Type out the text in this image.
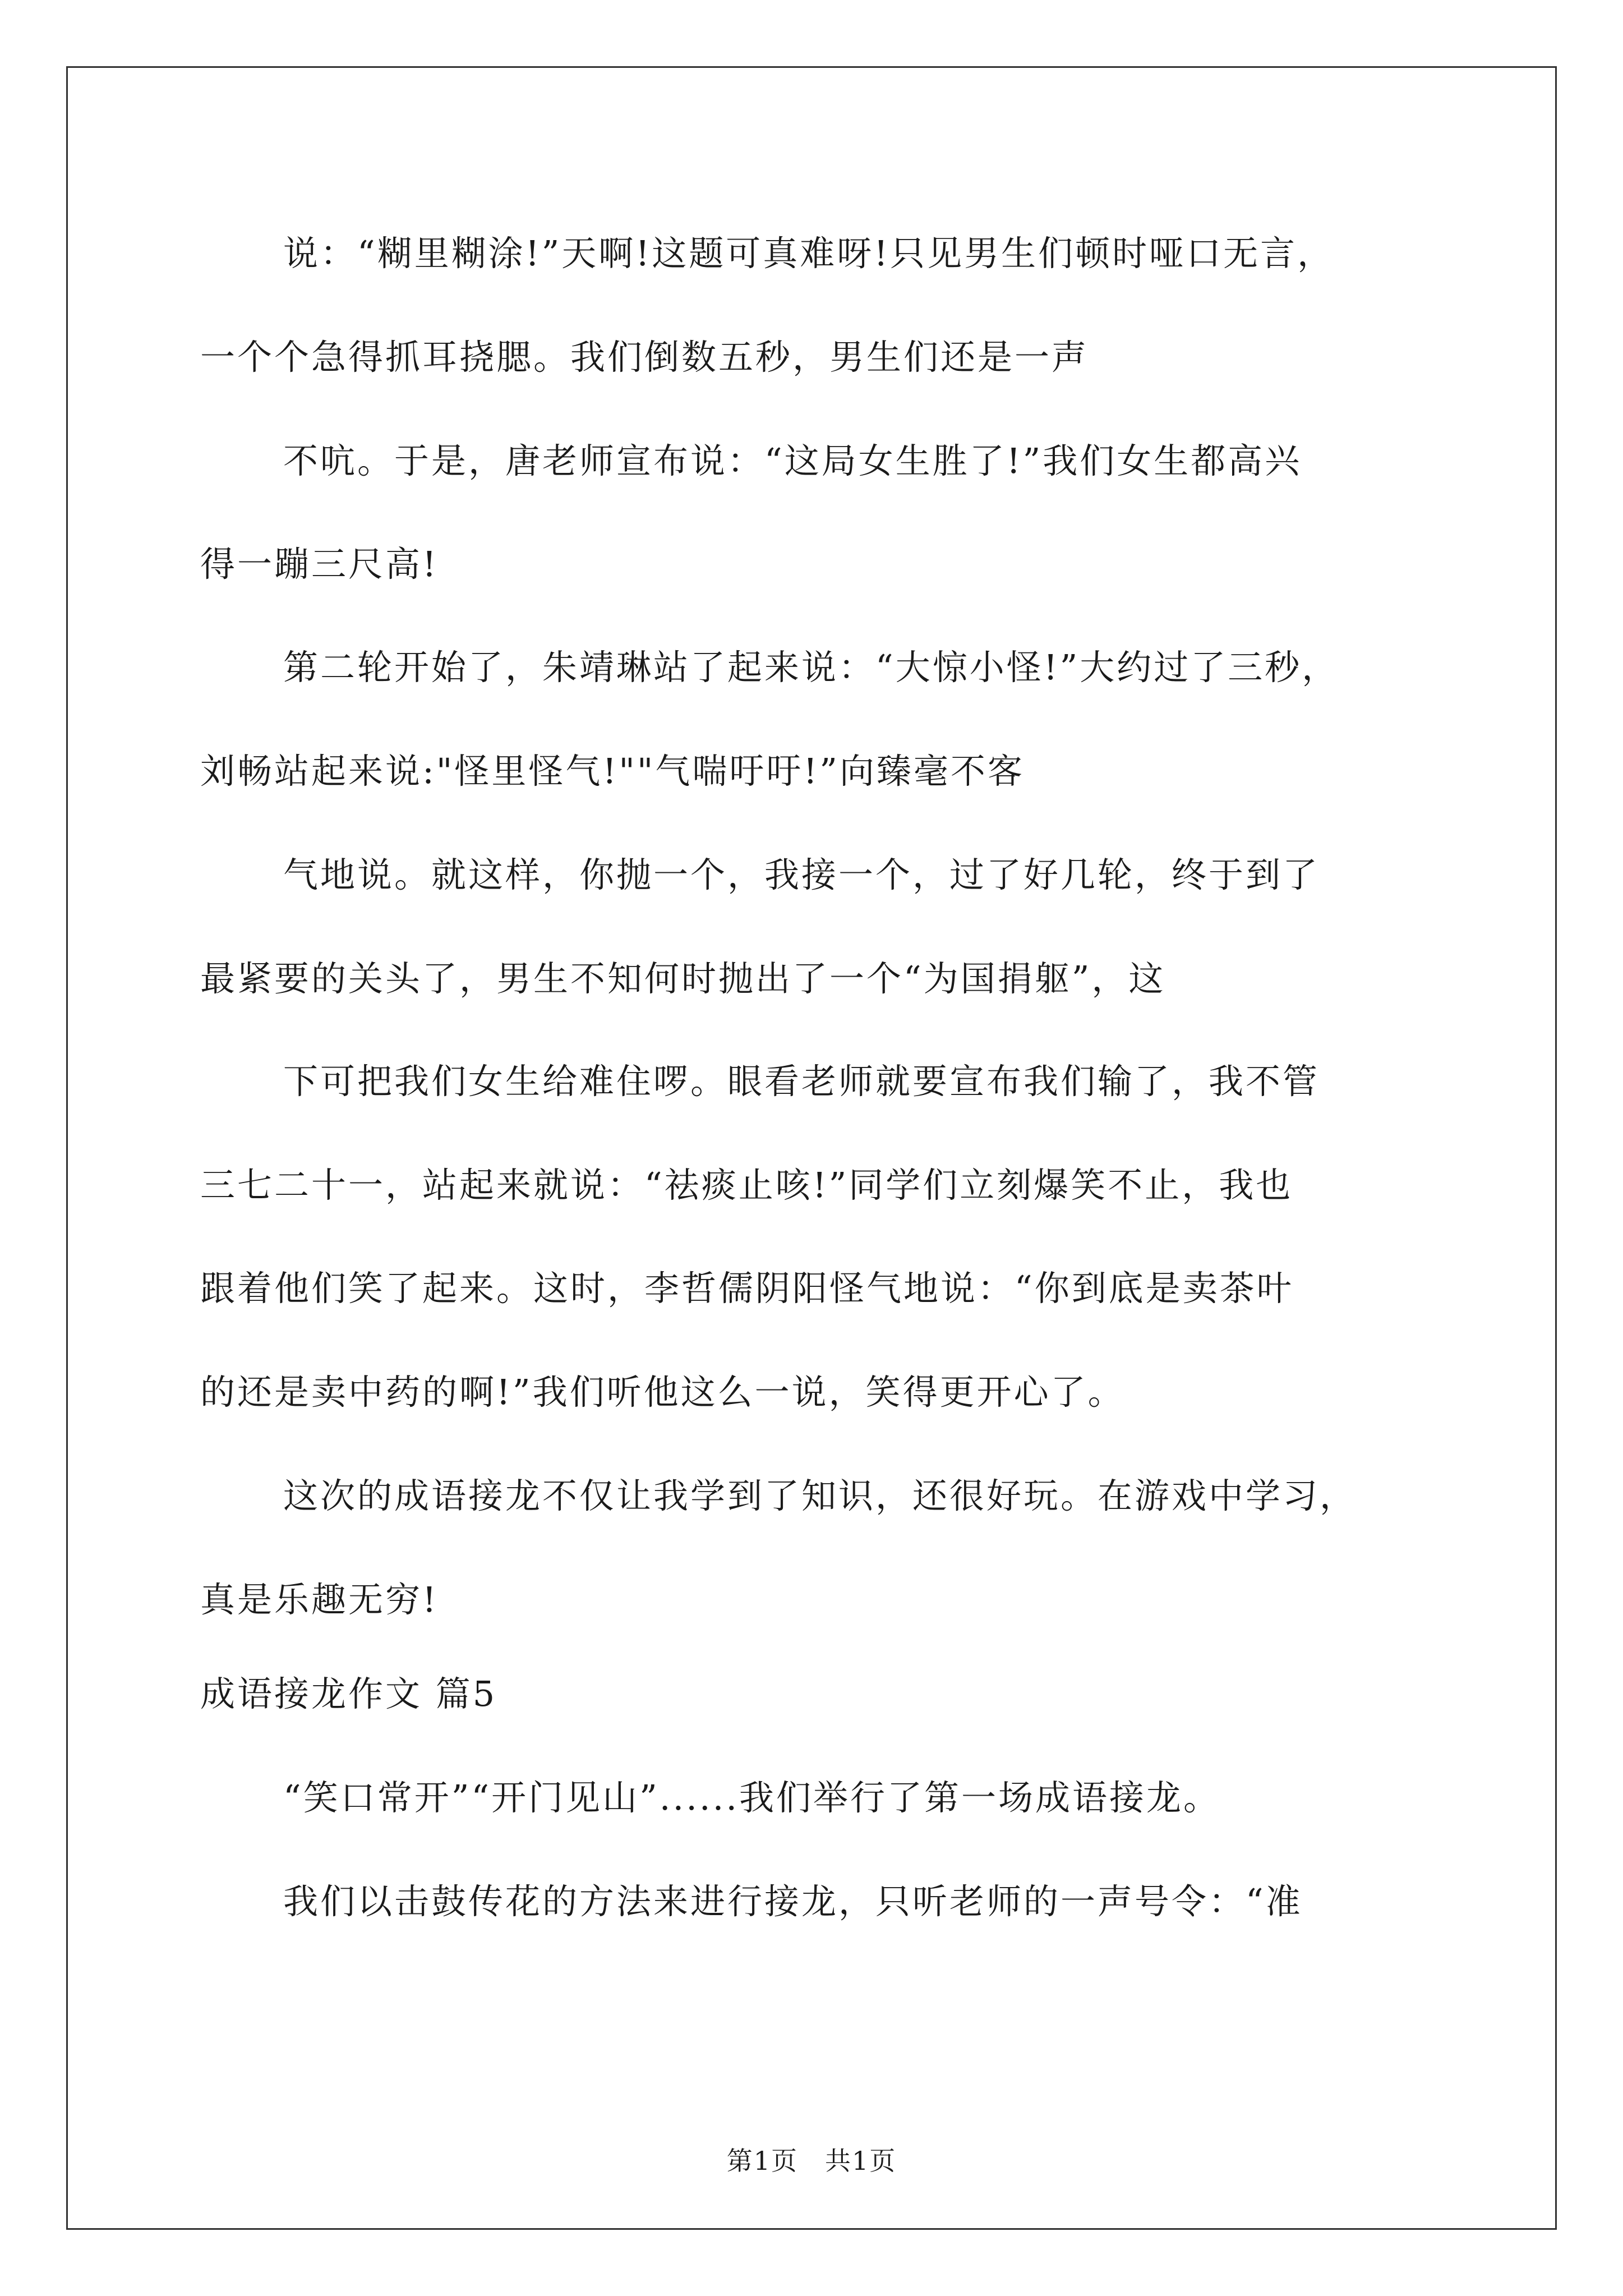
说：“糊里糊涂!”天啊!这题可真难呀!只见男生们顿时哑口无言，
一个个急得抓耳挠腮。我们倒数五秒，男生们还是一声
不吭。于是，唐老师宣布说：“这局女生胜了!”我们女生都高兴
得一蹦三尺高!
第二轮开始了，朱靖琳站了起来说：“大惊小怪!”大约过了三秒，
刘畅站起来说:"怪里怪气!""气喘吁吁!”向臻毫不客
气地说。就这样，你抛一个，我接一个，过了好几轮，终于到了
最紧要的关头了，男生不知何时抛出了一个“为国捐躯”，这
下可把我们女生给难住啰。眼看老师就要宣布我们输了，我不管
三七二十一，站起来就说：“祛痰止咳!”同学们立刻爆笑不止，我也
跟着他们笑了起来。这时，李哲儒阴阳怪气地说：“你到底是卖茶叶
的还是卖中药的啊!”我们听他这么一说，笑得更开心了。
这次的成语接龙不仅让我学到了知识，还很好玩。在游戏中学习，
真是乐趣无穷!
成语接龙作文 篇5
“笑口常开”“开门见山”......我们举行了第一场成语接龙。
我们以击鼓传花的方法来进行接龙，只听老师的一声号令：“准
第1页　共1页
